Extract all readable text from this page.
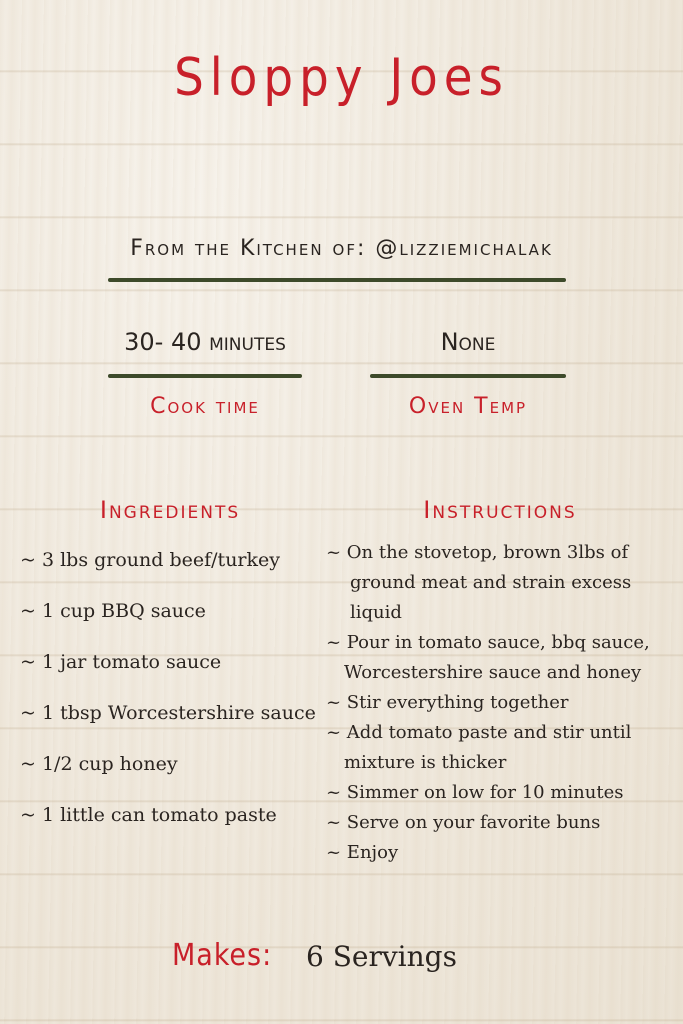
Sloppy Joes
From the Kitchen of: @lizziemichalak
30- 40 minutes	None
Cook time	Oven Temp
Ingredients	Instructions
~ 3 lbs ground beef/turkey
~ 1 cup BBQ sauce
~ 1 jar tomato sauce
~ 1 tbsp Worcestershire sauce
~ 1/2 cup honey
~ 1 little can tomato paste
~ On the stovetop, brown 3lbs of ground meat and strain excess liquid
~ Pour in tomato sauce, bbq sauce, Worcestershire sauce and honey
~ Stir everything together
~ Add tomato paste and stir until mixture is thicker
~ Simmer on low for 10 minutes
~ Serve on your favorite buns
~ Enjoy
Makes: 6 Servings
